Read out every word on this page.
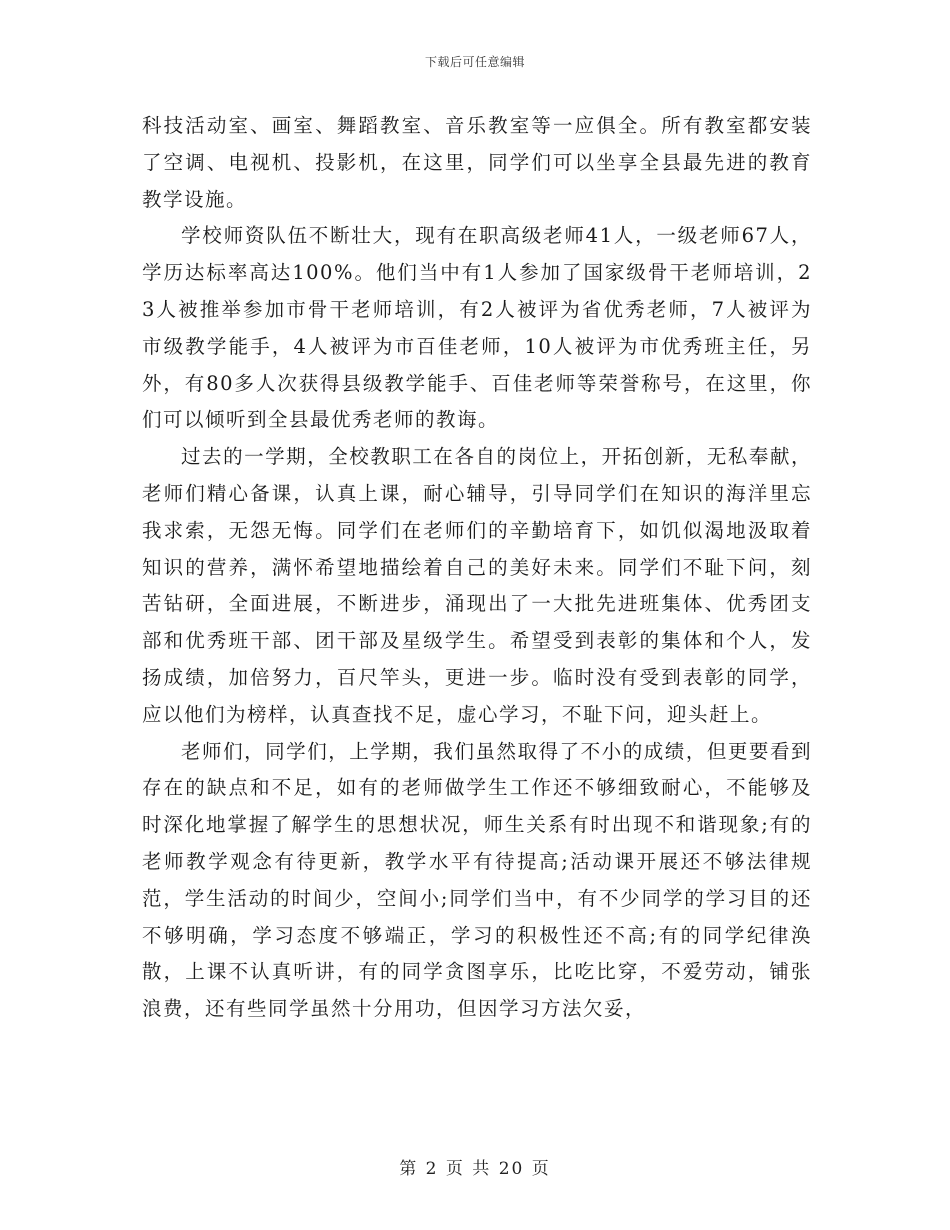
下载后可任意编辑

科技活动室、画室、舞蹈教室、音乐教室等一应俱全。所有教室都安装了空调、电视机、投影机，在这里，同学们可以坐享全县最先进的教育教学设施。

学校师资队伍不断壮大，现有在职高级老师41人，一级老师67人，学历达标率高达100%。他们当中有1人参加了国家级骨干老师培训，23人被推举参加市骨干老师培训，有2人被评为省优秀老师，7人被评为市级教学能手，4人被评为市百佳老师，10人被评为市优秀班主任，另外，有80多人次获得县级教学能手、百佳老师等荣誉称号，在这里，你们可以倾听到全县最优秀老师的教诲。

过去的一学期，全校教职工在各自的岗位上，开拓创新，无私奉献，老师们精心备课，认真上课，耐心辅导，引导同学们在知识的海洋里忘我求索，无怨无悔。同学们在老师们的辛勤培育下，如饥似渴地汲取着知识的营养，满怀希望地描绘着自己的美好未来。同学们不耻下问，刻苦钻研，全面进展，不断进步，涌现出了一大批先进班集体、优秀团支部和优秀班干部、团干部及星级学生。希望受到表彰的集体和个人，发扬成绩，加倍努力，百尺竿头，更进一步。临时没有受到表彰的同学，应以他们为榜样，认真查找不足，虚心学习，不耻下问，迎头赶上。

老师们，同学们，上学期，我们虽然取得了不小的成绩，但更要看到存在的缺点和不足，如有的老师做学生工作还不够细致耐心，不能够及时深化地掌握了解学生的思想状况，师生关系有时出现不和谐现象;有的老师教学观念有待更新，教学水平有待提高;活动课开展还不够法律规范，学生活动的时间少，空间小;同学们当中，有不少同学的学习目的还不够明确，学习态度不够端正，学习的积极性还不高;有的同学纪律涣散，上课不认真听讲，有的同学贪图享乐，比吃比穿，不爱劳动，铺张浪费，还有些同学虽然十分用功，但因学习方法欠妥，

第 2 页 共 20 页
